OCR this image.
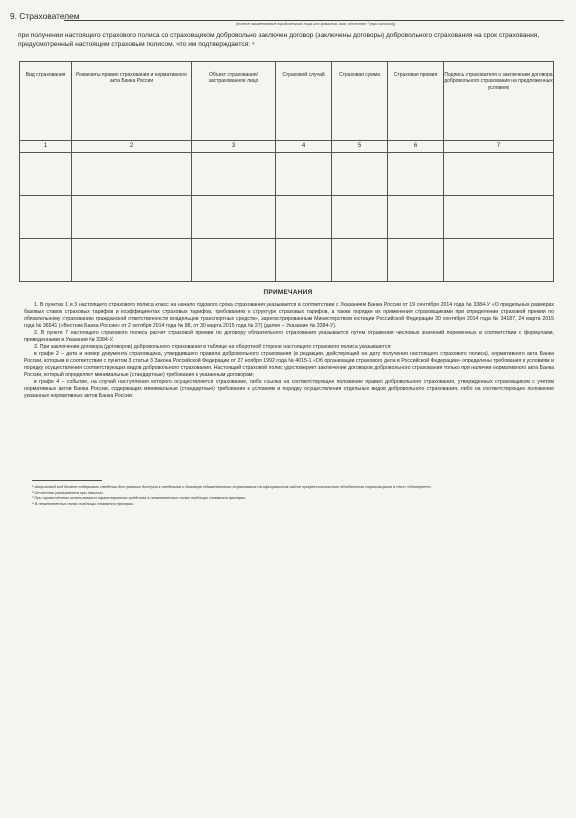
9. Страхователем
(полное наименование юридического лица или фамилия, имя, отчество ³ (при наличии))
при получении настоящего страхового полиса со страховщиком добровольно заключен договор (заключены договоры) добровольного страхования на срок страхования, предусмотренный настоящим страховым полисом, что им подтверждается: ⁴
Вид страхования	Реквизиты правил страхования и нормативного акта Банка России	Объект страхования/ застрахованное лицо	Страховой случай	Страховая сумма	Страховая премия	Подпись страхователя о заключении договора добровольного страхования на предложенных условиях
1	2	3	4	5	6	7

ПРИМЕЧАНИЯ

1. В пунктах 1 и 3 настоящего страхового полиса класс на начало годового срока страхования указывается в соответствии с Указанием Банка России от 19 сентября 2014 года № 3384-У «О предельных размерах базовых ставок страховых тарифов и коэффициентах страховых тарифов, требованиях к структуре страховых тарифов, а также порядке их применения страховщиками при определении страховой премии по обязательному страхованию гражданской ответственности владельцев транспортных средств», зарегистрированным Министерством юстиции Российской Федерации 30 сентября 2014 года № 34187, 24 марта 2015 года № 36541 («Вестник Банка России» от 2 октября 2014 года № 88, от 30 марта 2015 года № 27) (далее – Указание № 3384-У).

2. В пункте 7 настоящего страхового полиса расчет страховой премии по договору обязательного страхования указывается путем отражения числовых значений переменных в соответствии с формулами, приведенными в Указании № 3384-У.

3. При заключении договора (договоров) добровольного страхования в таблице на оборотной стороне настоящего страхового полиса указываются:

в графе 2 – дата и номер документа страховщика, утвердившего правила добровольного страхования (в редакции, действующей на дату получения настоящего страхового полиса), нормативного акта Банка России, которым в соответствии с пунктом 3 статьи 3 Закона Российской Федерации от 27 ноября 1992 года № 4015-1 «Об организации страхового дела в Российской Федерации» определены требования к условиям и порядку осуществления соответствующих видов добровольного страхования. Настоящий страховой полис удостоверяет заключение договоров добровольного страхования только при наличии нормативного акта Банка России, который определяет минимальные (стандартные) требования к указанным договорам;

в графе 4 – событие, на случай наступления которого осуществляется страхование, либо ссылка на соответствующее положение правил добровольного страхования, утвержденных страховщиком с учетом нормативных актов Банка России, содержащих минимальные (стандартные) требования к условиям и порядку осуществления отдельных видов добровольного страхования, либо на соответствующее положение указанных нормативных актов Банка России.

¹ Штриховой код должен содержать сведения для прямого доступа к сведениям о договоре обязательного страхования на официальном сайте профессионального объединения страховщиков в сети «Интернет».
² Отчество указывается при наличии.
³ При ограниченном использовании транспортного средства в незаполненных полях таблицы ставятся прочерки.
⁴ В незаполненных полях таблицы ставятся прочерки.
